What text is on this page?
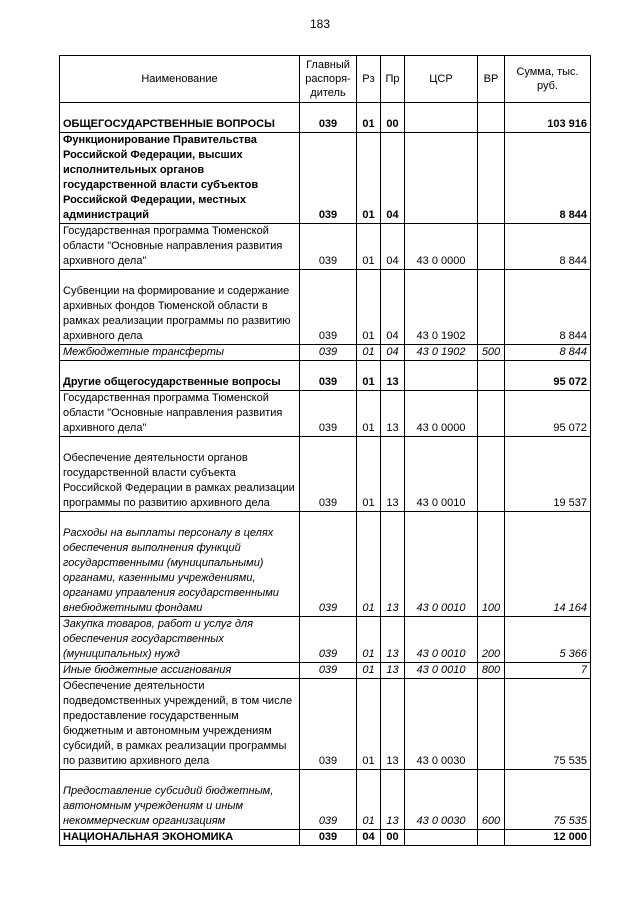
183
Наименование	Главный распоря-дитель	Рз	Пр	ЦСР	ВР	Сумма, тыс. руб.
ОБЩЕГОСУДАРСТВЕННЫЕ ВОПРОСЫ	039	01	00			103 916
Функционирование Правительства Российской Федерации, высших исполнительных органов государственной власти субъектов Российской Федерации, местных администраций	039	01	04			8 844
Государственная программа Тюменской области "Основные направления развития архивного дела"	039	01	04	43 0 0000		8 844
Субвенции на формирование и содержание архивных фондов Тюменской области в рамках реализации программы по развитию архивного дела	039	01	04	43 0 1902		8 844
Межбюджетные трансферты	039	01	04	43 0 1902	500	8 844
Другие общегосударственные вопросы	039	01	13			95 072
Государственная программа Тюменской области "Основные направления развития архивного дела"	039	01	13	43 0 0000		95 072
Обеспечение деятельности органов государственной власти субъекта Российской Федерации в рамках реализации программы по развитию архивного дела	039	01	13	43 0 0010		19 537
Расходы на выплаты персоналу в целях обеспечения выполнения функций государственными (муниципальными) органами, казенными учреждениями, органами управления государственными внебюджетными фондами	039	01	13	43 0 0010	100	14 164
Закупка товаров, работ и услуг для обеспечения государственных (муниципальных) нужд	039	01	13	43 0 0010	200	5 366
Иные бюджетные ассигнования	039	01	13	43 0 0010	800	7
Обеспечение деятельности подведомственных учреждений, в том числе предоставление государственным бюджетным и автономным учреждениям субсидий, в рамках реализации программы по развитию архивного дела	039	01	13	43 0 0030		75 535
Предоставление субсидий бюджетным, автономным учреждениям и иным некоммерческим организациям	039	01	13	43 0 0030	600	75 535
НАЦИОНАЛЬНАЯ ЭКОНОМИКА	039	04	00			12 000
